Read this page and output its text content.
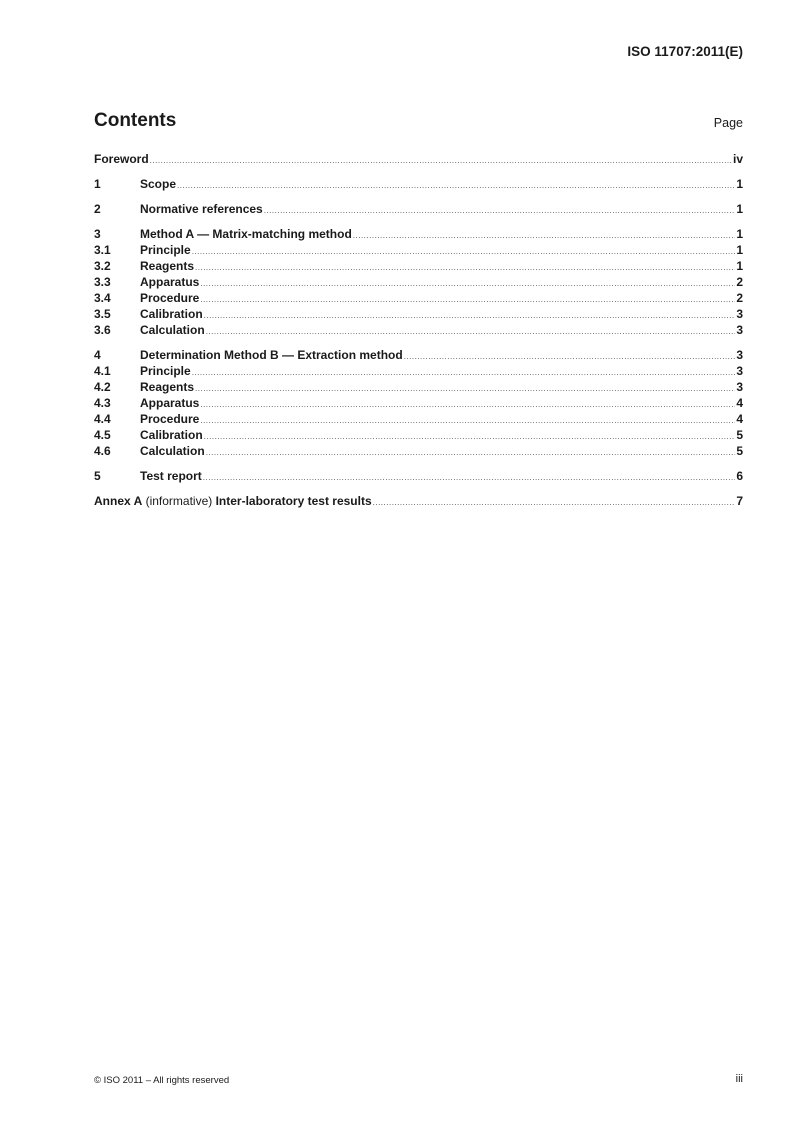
ISO 11707:2011(E)
Contents	Page
Foreword .....	iv
1	Scope .....	1
2	Normative references .....	1
3	Method A — Matrix-matching method .....	1
3.1	Principle .....	1
3.2	Reagents .....	1
3.3	Apparatus .....	2
3.4	Procedure .....	2
3.5	Calibration .....	3
3.6	Calculation .....	3
4	Determination Method B — Extraction method .....	3
4.1	Principle .....	3
4.2	Reagents .....	3
4.3	Apparatus .....	4
4.4	Procedure .....	4
4.5	Calibration .....	5
4.6	Calculation .....	5
5	Test report .....	6
Annex A (informative) Inter-laboratory test results .....	7
© ISO 2011 – All rights reserved	iii
